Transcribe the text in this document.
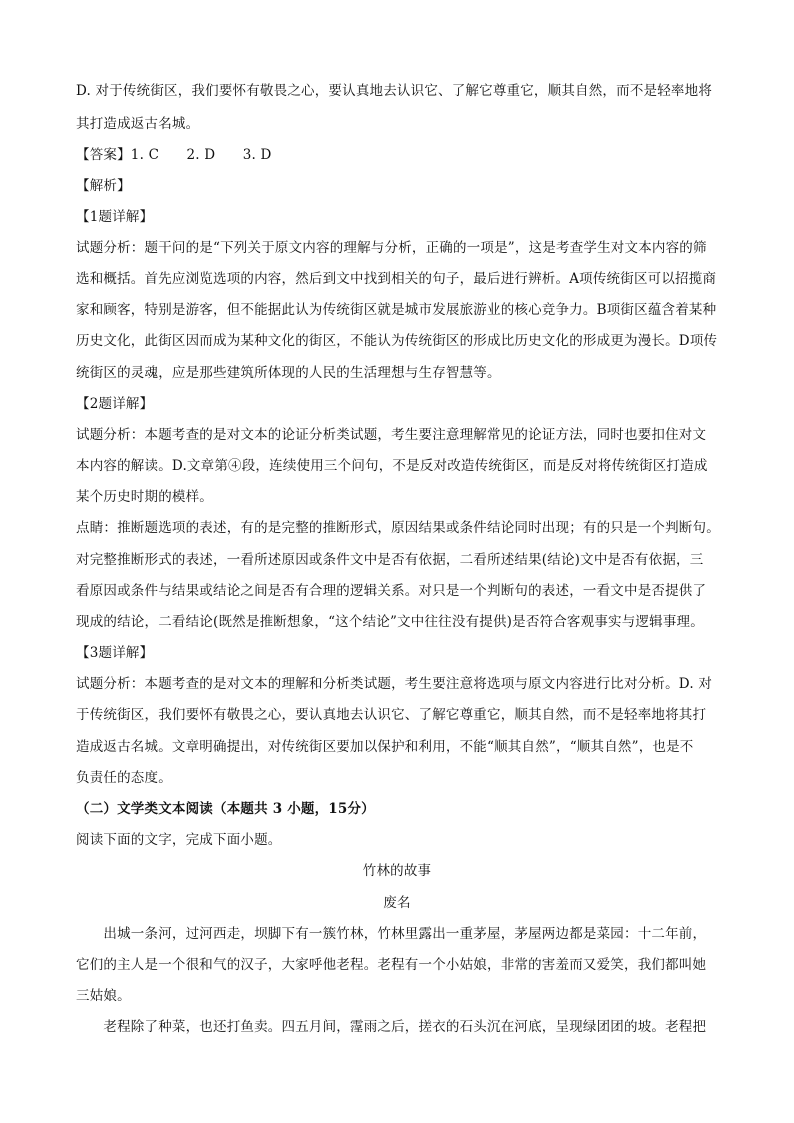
D. 对于传统街区，我们要怀有敬畏之心，要认真地去认识它、了解它尊重它，顺其自然，而不是轻率地将
其打造成返古名城。
【答案】1. C　　2. D　　3. D
【解析】
【1题详解】
试题分析：题干问的是“下列关于原文内容的理解与分析，正确的一项是”，这是考查学生对文本内容的筛
选和概括。首先应浏览选项的内容，然后到文中找到相关的句子，最后进行辨析。A项传统街区可以招揽商
家和顾客，特别是游客，但不能据此认为传统街区就是城市发展旅游业的核心竞争力。B项街区蕴含着某种
历史文化，此街区因而成为某种文化的街区，不能认为传统街区的形成比历史文化的形成更为漫长。D项传
统街区的灵魂，应是那些建筑所体现的人民的生活理想与生存智慧等。
【2题详解】
试题分析：本题考查的是对文本的论证分析类试题，考生要注意理解常见的论证方法，同时也要扣住对文
本内容的解读。D.文章第④段，连续使用三个问句，不是反对改造传统街区，而是反对将传统街区打造成
某个历史时期的模样。
点睛：推断题选项的表述，有的是完整的推断形式，原因结果或条件结论同时出现；有的只是一个判断句。
对完整推断形式的表述，一看所述原因或条件文中是否有依据，二看所述结果(结论)文中是否有依据，三
看原因或条件与结果或结论之间是否有合理的逻辑关系。对只是一个判断句的表述，一看文中是否提供了
现成的结论，二看结论(既然是推断想象，“这个结论”文中往往没有提供)是否符合客观事实与逻辑事理。
【3题详解】
试题分析：本题考查的是对文本的理解和分析类试题，考生要注意将选项与原文内容进行比对分析。D. 对
于传统街区，我们要怀有敬畏之心，要认真地去认识它、了解它尊重它，顺其自然，而不是轻率地将其打
造成返古名城。文章明确提出，对传统街区要加以保护和利用，不能“顺其自然”，“顺其自然”，也是不
负责任的态度。
（二）文学类文本阅读（本题共 3 小题，15分）
阅读下面的文字，完成下面小题。
竹林的故事
废名
　　出城一条河，过河西走，坝脚下有一簇竹林，竹林里露出一重茅屋，茅屋两边都是菜园：十二年前，
它们的主人是一个很和气的汉子，大家呼他老程。老程有一个小姑娘，非常的害羞而又爱笑，我们都叫她
三姑娘。
　　老程除了种菜，也还打鱼卖。四五月间，霪雨之后，搓衣的石头沉在河底，呈现绿团团的坡。老程把
